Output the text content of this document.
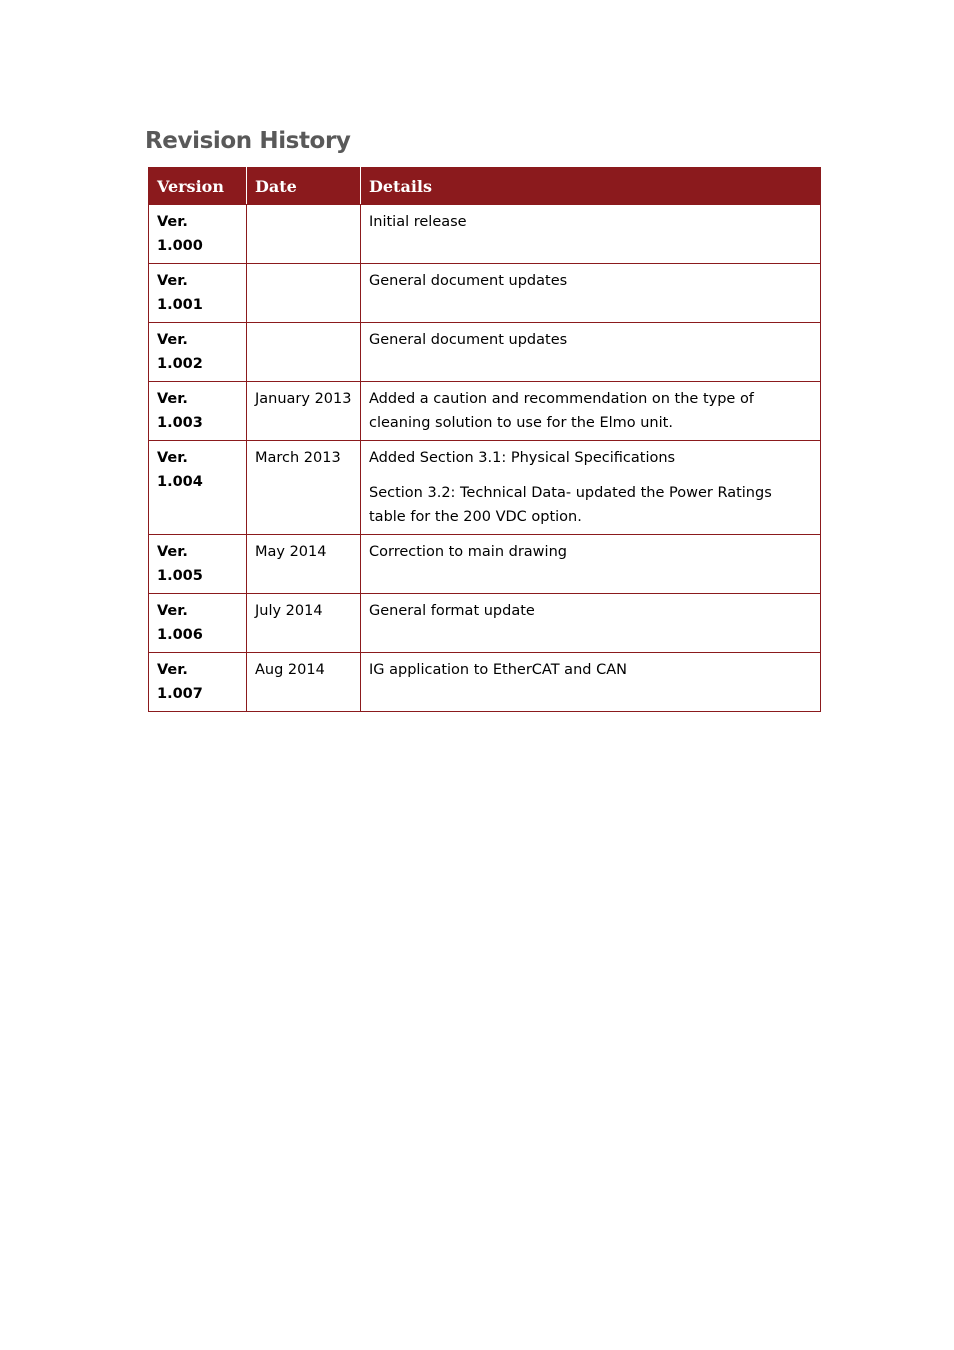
Revision History
Version	Date	Details
Ver. 1.000		Initial release

Ver. 1.001		General document updates

Ver. 1.002		General document updates

Ver. 1.003	January 2013	Added a caution and recommendation on the type of cleaning solution to use for the Elmo unit.

Ver. 1.004	March 2013	Added Section 3.1: Physical Specifications

Section 3.2: Technical Data- updated the Power Ratings table for the 200 VDC option.

Ver. 1.005	May 2014	Correction to main drawing

Ver. 1.006	July 2014	General format update

Ver. 1.007	Aug 2014	IG application to EtherCAT and CAN
